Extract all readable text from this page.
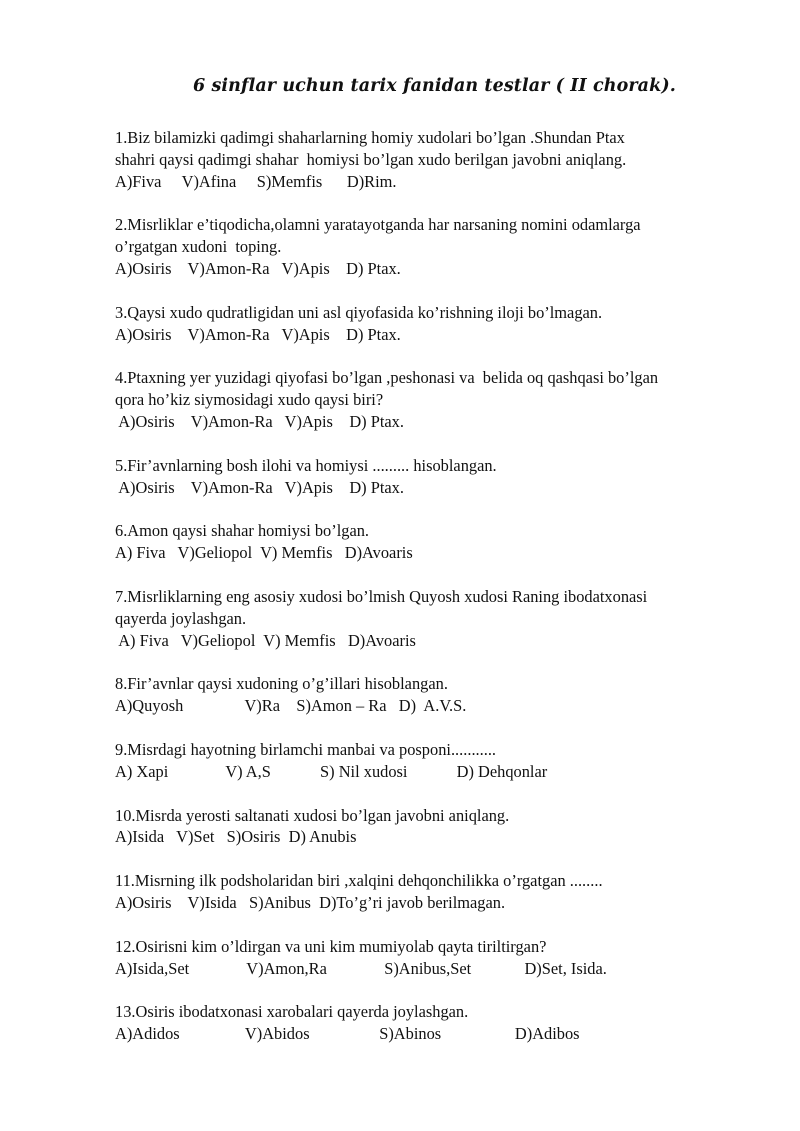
6 sinflar uchun tarix fanidan testlar ( II chorak).
1.Biz bilamizki qadimgi shaharlarning homiy xudolari bo’lgan .Shundan Ptax
shahri qaysi qadimgi shahar  homiysi bo’lgan xudo berilgan javobni aniqlang.
A)Fiva     V)Afina     S)Memfis      D)Rim.
2.Misrliklar e’tiqodicha,olamni yaratayotganda har narsaning nomini odamlarga
o’rgatgan xudoni  toping.
A)Osiris    V)Amon-Ra   V)Apis    D) Ptax.
3.Qaysi xudo qudratligidan uni asl qiyofasida ko’rishning iloji bo’lmagan.
A)Osiris    V)Amon-Ra   V)Apis    D) Ptax.
4.Ptaxning yer yuzidagi qiyofasi bo’lgan ,peshonasi va  belida oq qashqasi bo’lgan
qora ho’kiz siymosidagi xudo qaysi biri?
A)Osiris    V)Amon-Ra   V)Apis    D) Ptax.
5.Fir’avnlarning bosh ilohi va homiysi ......... hisoblangan.
A)Osiris    V)Amon-Ra   V)Apis    D) Ptax.
6.Amon qaysi shahar homiysi bo’lgan.
A) Fiva   V)Geliopol  V) Memfis   D)Avoaris
7.Misrliklarning eng asosiy xudosi bo’lmish Quyosh xudosi Raning ibodatxonasi
qayerda joylashgan.
A) Fiva   V)Geliopol  V) Memfis   D)Avoaris
8.Fir’avnlar qaysi xudoning o’g’illari hisoblangan.
A)Quyosh               V)Ra    S)Amon – Ra   D)  A.V.S.
9.Misrdagi hayotning birlamchi manbai va posponi...........
A) Xapi              V) A,S            S) Nil xudosi            D) Dehqonlar
10.Misrda yerosti saltanati xudosi bo’lgan javobni aniqlang.
A)Isida   V)Set   S)Osiris  D) Anubis
11.Misrning ilk podsholaridan biri ,xalqini dehqonchilikka o’rgatgan ........
A)Osiris    V)Isida   S)Anibus  D)To’g’ri javob berilmagan.
12.Osirisni kim o’ldirgan va uni kim mumiyolab qayta tiriltirgan?
A)Isida,Set              V)Amon,Ra              S)Anibus,Set             D)Set, Isida.
13.Osiris ibodatxonasi xarobalari qayerda joylashgan.
A)Adidos                V)Abidos                 S)Abinos                  D)Adibos
